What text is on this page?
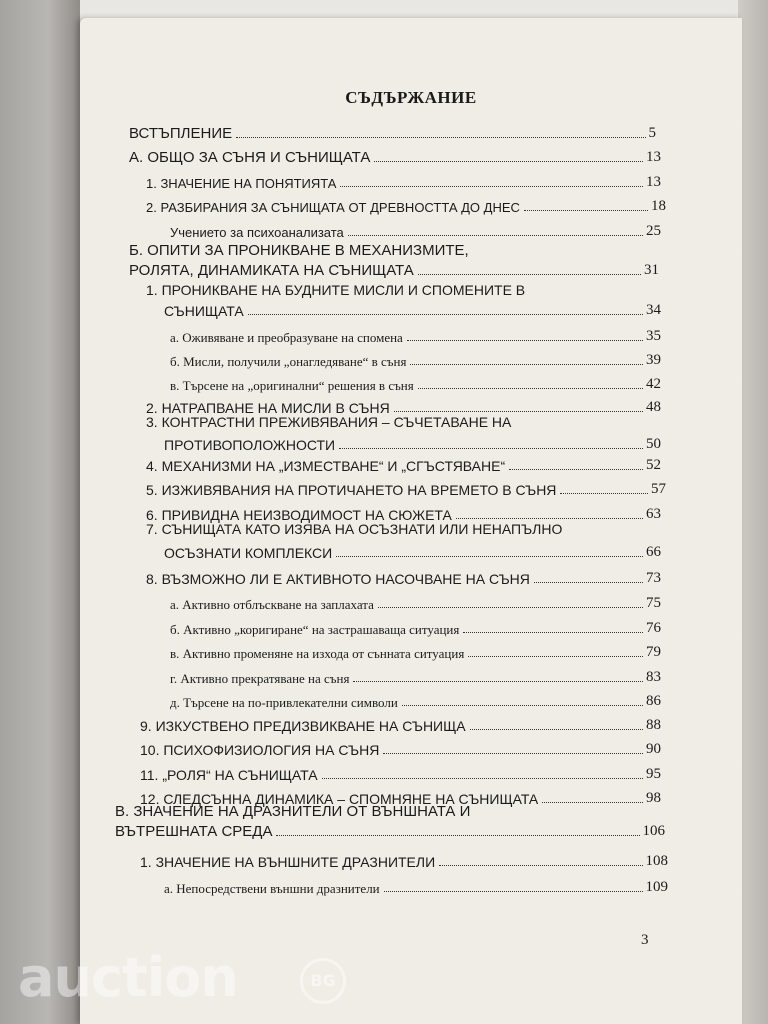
СЪДЪРЖАНИЕ
ВСТЪПЛЕНИЕ	5
А. ОБЩО ЗА СЪНЯ И СЪНИЩАТА	13
1. ЗНАЧЕНИЕ НА ПОНЯТИЯТА	13
2. РАЗБИРАНИЯ ЗА СЪНИЩАТА ОТ ДРЕВНОСТТА ДО ДНЕС	18
Учението за психоанализата	25
Б. ОПИТИ ЗА ПРОНИКВАНЕ В МЕХАНИЗМИТЕ,
РОЛЯТА, ДИНАМИКАТА НА СЪНИЩАТА	31
1. ПРОНИКВАНЕ НА БУДНИТЕ МИСЛИ И СПОМЕНИТЕ В
СЪНИЩАТА	34
а. Оживяване и преобразуване на спомена	35
б. Мисли, получили „онагледяване“ в съня	39
в. Търсене на „оригинални“ решения в съня	42
2. НАТРАПВАНЕ НА МИСЛИ В СЪНЯ	48
3. КОНТРАСТНИ ПРЕЖИВЯВАНИЯ – СЪЧЕТАВАНЕ НА
ПРОТИВОПОЛОЖНОСТИ	50
4. МЕХАНИЗМИ НА „ИЗМЕСТВАНЕ“ И „СГЪСТЯВАНЕ“	52
5. ИЗЖИВЯВАНИЯ НА ПРОТИЧАНЕТО НА ВРЕМЕТО В СЪНЯ	57
6. ПРИВИДНА НЕИЗВОДИМОСТ НА СЮЖЕТА	63
7. СЪНИЩАТА КАТО ИЗЯВА НА ОСЪЗНАТИ ИЛИ НЕНАПЪЛНО
ОСЪЗНАТИ КОМПЛЕКСИ	66
8. ВЪЗМОЖНО ЛИ Е АКТИВНОТО НАСОЧВАНЕ НА СЪНЯ	73
а. Активно отблъскване на заплахата	75
б. Активно „коригиране“ на застрашаваща ситуация	76
в. Активно променяне на изхода от сънната ситуация	79
г. Активно прекратяване на съня	83
д. Търсене на по-привлекателни символи	86
9. ИЗКУСТВЕНО ПРЕДИЗВИКВАНЕ НА СЪНИЩА	88
10. ПСИХОФИЗИОЛОГИЯ НА СЪНЯ	90
11. „РОЛЯ“ НА СЪНИЩАТА	95
12. СЛЕДСЪННА ДИНАМИКА – СПОМНЯНЕ НА СЪНИЩАТА	98
В. ЗНАЧЕНИЕ НА ДРАЗНИТЕЛИ ОТ ВЪНШНАТА И
ВЪТРЕШНАТА СРЕДА	106
1. ЗНАЧЕНИЕ НА ВЪНШНИТЕ ДРАЗНИТЕЛИ	108
а. Непосредствени външни дразнители	109
3
auction	BG
